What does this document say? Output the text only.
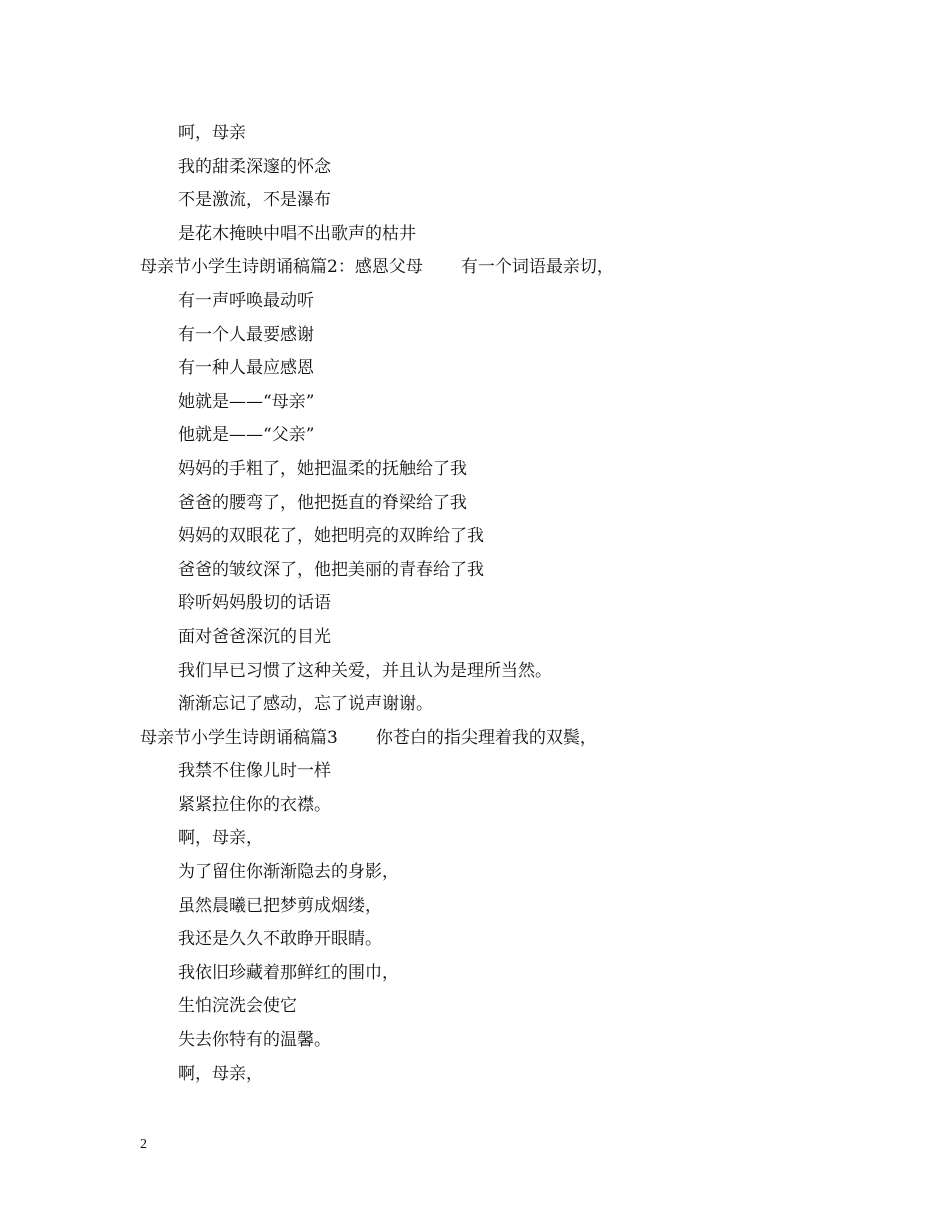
呵，母亲
我的甜柔深邃的怀念
不是激流，不是瀑布
是花木掩映中唱不出歌声的枯井
母亲节小学生诗朗诵稿篇2：感恩父母 有一个词语最亲切，
有一声呼唤最动听
有一个人最要感谢
有一种人最应感恩
她就是——“母亲”
他就是——“父亲”
妈妈的手粗了，她把温柔的抚触给了我
爸爸的腰弯了，他把挺直的脊梁给了我
妈妈的双眼花了，她把明亮的双眸给了我
爸爸的皱纹深了，他把美丽的青春给了我
聆听妈妈殷切的话语
面对爸爸深沉的目光
我们早已习惯了这种关爱，并且认为是理所当然。
渐渐忘记了感动，忘了说声谢谢。
母亲节小学生诗朗诵稿篇3 你苍白的指尖理着我的双鬓，
我禁不住像儿时一样
紧紧拉住你的衣襟。
啊，母亲，
为了留住你渐渐隐去的身影，
虽然晨曦已把梦剪成烟缕，
我还是久久不敢睁开眼睛。
我依旧珍藏着那鲜红的围巾，
生怕浣洗会使它
失去你特有的温馨。
啊，母亲，
2
